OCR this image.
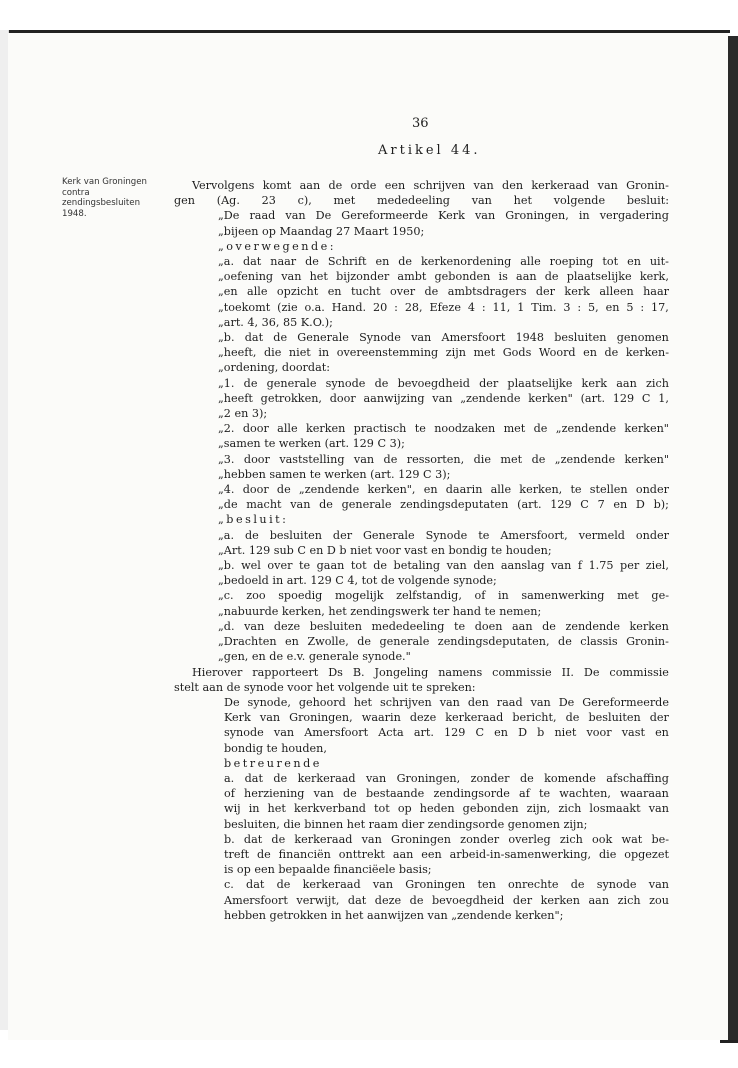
36
Artikel 44.
Kerk van Groningen
contra
zendingsbesluiten
1948.
Vervolgens komt aan de orde een schrijven van den kerkeraad van Gronin-
gen (Ag. 23 c), met mededeeling van het volgende besluit:
„De raad van De Gereformeerde Kerk van Groningen, in vergadering
„bijeen op Maandag 27 Maart 1950;
„overwegende:
„a. dat naar de Schrift en de kerkenordening alle roeping tot en uit-
„oefening van het bijzonder ambt gebonden is aan de plaatselijke kerk,
„en alle opzicht en tucht over de ambtsdragers der kerk alleen haar
„toekomt (zie o.a. Hand. 20 : 28, Efeze 4 : 11, 1 Tim. 3 : 5, en 5 : 17,
„art. 4, 36, 85 K.O.);
„b. dat de Generale Synode van Amersfoort 1948 besluiten genomen
„heeft, die niet in overeenstemming zijn met Gods Woord en de kerken-
„ordening, doordat:
„1. de generale synode de bevoegdheid der plaatselijke kerk aan zich
„heeft getrokken, door aanwijzing van „zendende kerken" (art. 129 C 1,
„2 en 3);
„2. door alle kerken practisch te noodzaken met de „zendende kerken"
„samen te werken (art. 129 C 3);
„3. door vaststelling van de ressorten, die met de „zendende kerken"
„hebben samen te werken (art. 129 C 3);
„4. door de „zendende kerken", en daarin alle kerken, te stellen onder
„de macht van de generale zendingsdeputaten (art. 129 C 7 en D b);
„besluit:
„a. de besluiten der Generale Synode te Amersfoort, vermeld onder
„Art. 129 sub C en D b niet voor vast en bondig te houden;
„b. wel over te gaan tot de betaling van den aanslag van f 1.75 per ziel,
„bedoeld in art. 129 C 4, tot de volgende synode;
„c. zoo spoedig mogelijk zelfstandig, of in samenwerking met ge-
„nabuurde kerken, het zendingswerk ter hand te nemen;
„d. van deze besluiten mededeeling te doen aan de zendende kerken
„Drachten en Zwolle, de generale zendingsdeputaten, de classis Gronin-
„gen, en de e.v. generale synode."
Hierover rapporteert Ds B. Jongeling namens commissie II. De commissie
stelt aan de synode voor het volgende uit te spreken:
De synode, gehoord het schrijven van den raad van De Gereformeerde
Kerk van Groningen, waarin deze kerkeraad bericht, de besluiten der
synode van Amersfoort Acta art. 129 C en D b niet voor vast en
bondig te houden,
betreurende
a. dat de kerkeraad van Groningen, zonder de komende afschaffing
of herziening van de bestaande zendingsorde af te wachten, waaraan
wij in het kerkverband tot op heden gebonden zijn, zich losmaakt van
besluiten, die binnen het raam dier zendingsorde genomen zijn;
b. dat de kerkeraad van Groningen zonder overleg zich ook wat be-
treft de financiën onttrekt aan een arbeid-in-samenwerking, die opgezet
is op een bepaalde financiëele basis;
c. dat de kerkeraad van Groningen ten onrechte de synode van
Amersfoort verwijt, dat deze de bevoegdheid der kerken aan zich zou
hebben getrokken in het aanwijzen van „zendende kerken";
